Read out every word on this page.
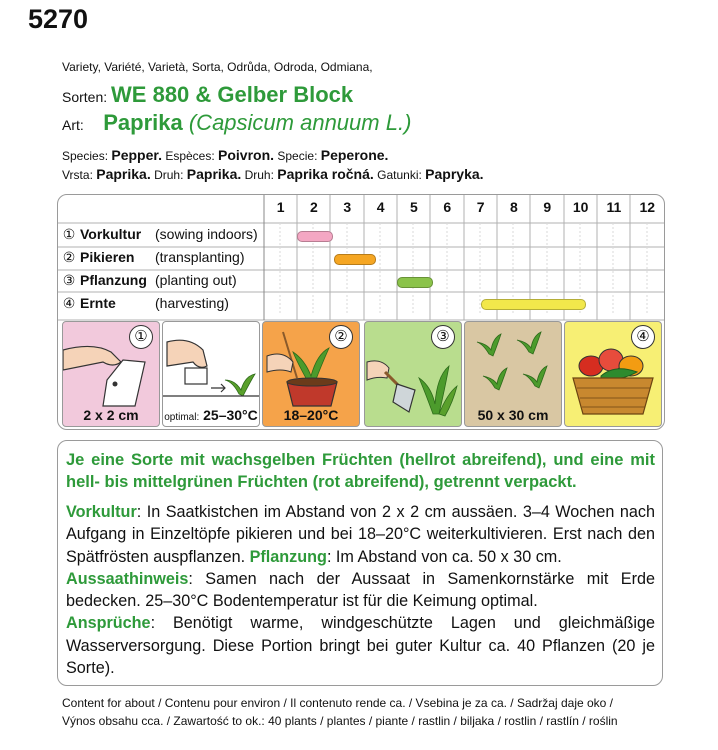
5270
Variety, Variété, Varietà, Sorta, Odrůda, Odroda, Odmiana,
Sorten: WE 880 & Gelber Block
Art: Paprika (Capsicum annuum L.)
Species: Pepper. Espèces: Poivron. Specie: Peperone.
Vrsta: Paprika. Druh: Paprika. Druh: Paprika ročná. Gatunki: Papryka.
1	2	3	4	5	6	7	8	9	10	11	12
① Vorkultur (sowing indoors)
② Pikieren (transplanting)
③ Pflanzung (planting out)
④ Ernte	(harvesting)
①
2 x 2 cm	optimal: 25–30°C
②
18–20°C
③
50 x 30 cm
④
Je eine Sorte mit wachsgelben Früchten (hellrot abreifend), und eine mit hell- bis mittelgrünen Früchten (rot abreifend), getrennt verpackt.
Vorkultur: In Saatkistchen im Abstand von 2 x 2 cm aussäen. 3–4 Wochen nach Aufgang in Einzeltöpfe pikieren und bei 18–20°C weiterkultivieren. Erst nach den Spätfrösten auspflanzen. Pflanzung: Im Abstand von ca. 50 x 30 cm.
Aussaathinweis: Samen nach der Aussaat in Samenkornstärke mit Erde bedecken. 25–30°C Bodentemperatur ist für die Keimung optimal.
Ansprüche: Benötigt warme, windgeschützte Lagen und gleichmäßige Wasserversorgung. Diese Portion bringt bei guter Kultur ca. 40 Pflanzen (20 je Sorte).
Content for about / Contenu pour environ / Il contenuto rende ca. / Vsebina je za ca. / Sadržaj daje oko /
Výnos obsahu cca. / Zawartość to ok.: 40 plants / plantes / piante / rastlin / biljaka / rostlin / rastlín / roślin
